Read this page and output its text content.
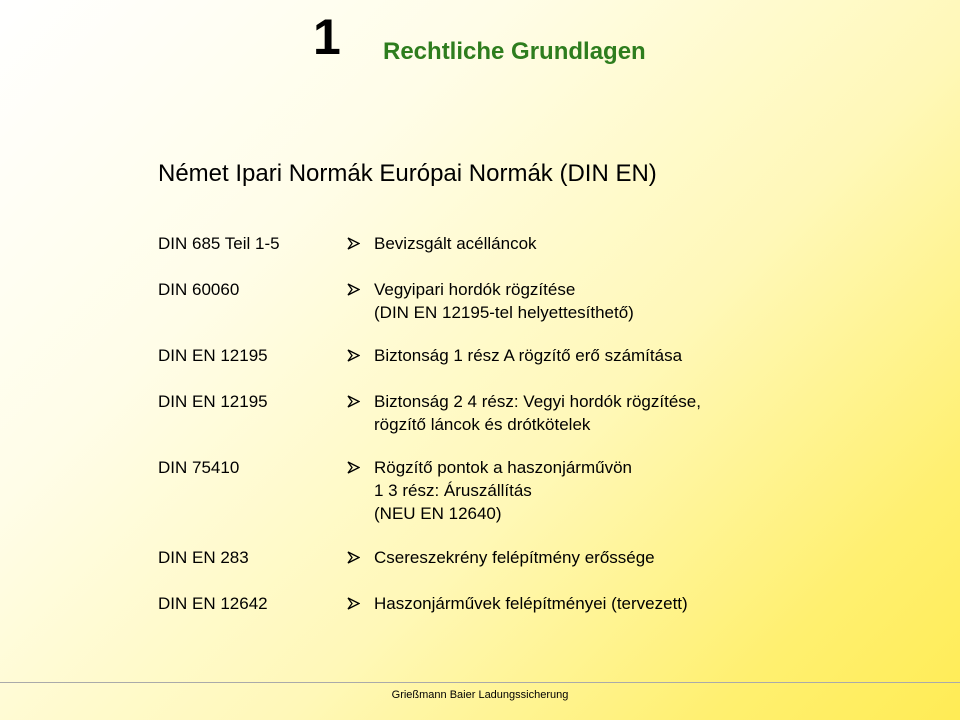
1 Rechtliche Grundlagen
Német Ipari Normák Európai Normák (DIN EN)
DIN 685 Teil 1-5	Bevizsgált acélláncok
DIN 60060	Vegyipari hordók rögzítése
(DIN EN 12195-tel helyettesíthető)
DIN EN 12195	Biztonság 1 rész A rögzítő erő számítása
DIN EN 12195	Biztonság 2 4 rész: Vegyi hordók rögzítése,
rögzítő láncok és drótkötelek
DIN 75410	Rögzítő pontok a haszonjárművön
1 3 rész: Áruszállítás
(NEU EN 12640)
DIN EN 283	Csereszekrény felépítmény erőssége
DIN EN 12642	Haszonjárművek felépítményei (tervezett)
Grießmann Baier Ladungssicherung
